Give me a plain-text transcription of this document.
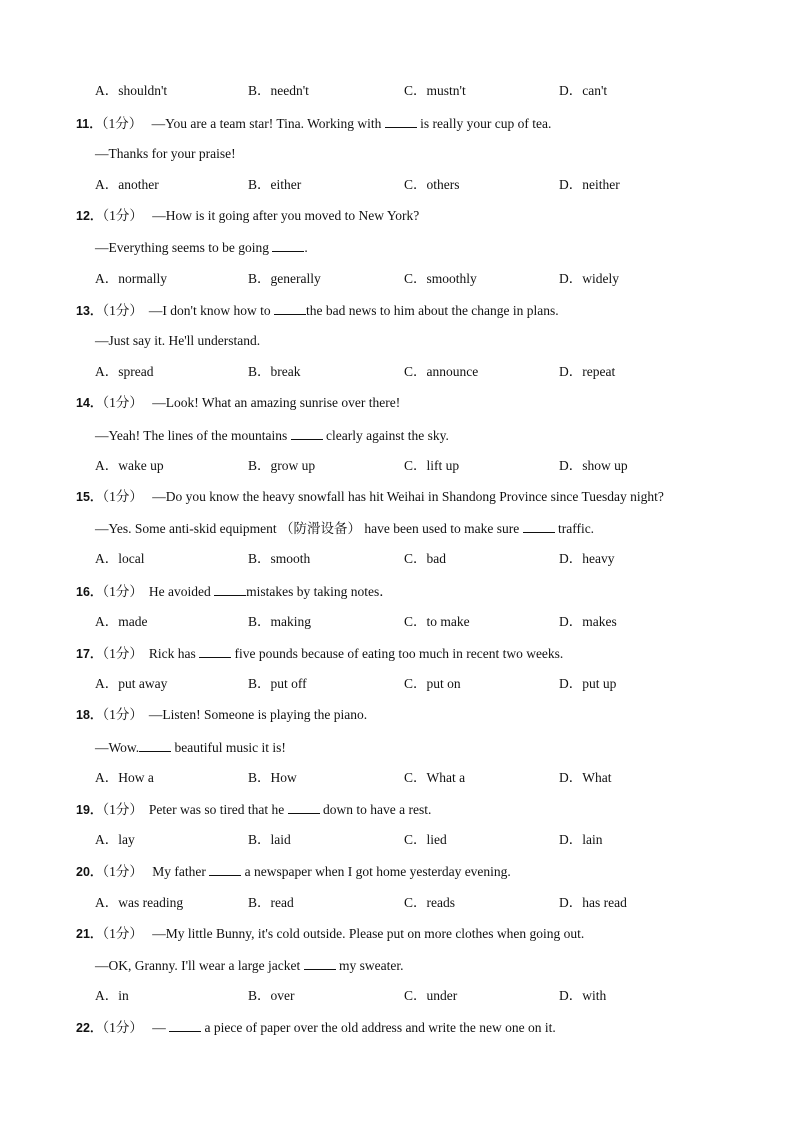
A．shouldn't	B．needn't	C．mustn't	D．can't
11．（1分） —You are a team star! Tina. Working with  is really your cup of tea.
—Thanks for your praise!
A．another	B．either	C．others	D．neither
12．（1分） —How is it going after you moved to New York?
—Everything seems to be going .
A．normally	B．generally	C．smoothly	D．widely
13．（1分） —I don't know how to the bad news to him about the change in plans.
—Just say it. He'll understand.
A．spread	B．break	C．announce	D．repeat
14．（1分） —Look! What an amazing sunrise over there!
—Yeah! The lines of the mountains  clearly against the sky.
A．wake up	B．grow up	C．lift up	D．show up
15．（1分） —Do you know the heavy snowfall has hit Weihai in Shandong Province since Tuesday night?
—Yes. Some anti-skid equipment （防滑设备） have been used to make sure  traffic.
A．local	B．smooth	C．bad	D．heavy
16．（1分） He avoided mistakes by taking notes．
A．made	B．making	C．to make	D．makes
17．（1分） Rick has  five pounds because of eating too much in recent two weeks.
A．put away	B．put off	C．put on	D．put up
18．（1分） —Listen! Someone is playing the piano.
—Wow. beautiful music it is!
A．How a	B．How	C．What a	D．What
19．（1分） Peter was so tired that he  down to have a rest.
A．lay	B．laid	C．lied	D．lain
20．（1分） My father  a newspaper when I got home yesterday evening.
A．was reading	B．read	C．reads	D．has read
21．（1分） —My little Bunny, it's cold outside. Please put on more clothes when going out.
—OK, Granny. I'll wear a large jacket  my sweater.
A．in	B．over	C．under	D．with
22．（1分） —  a piece of paper over the old address and write the new one on it.
